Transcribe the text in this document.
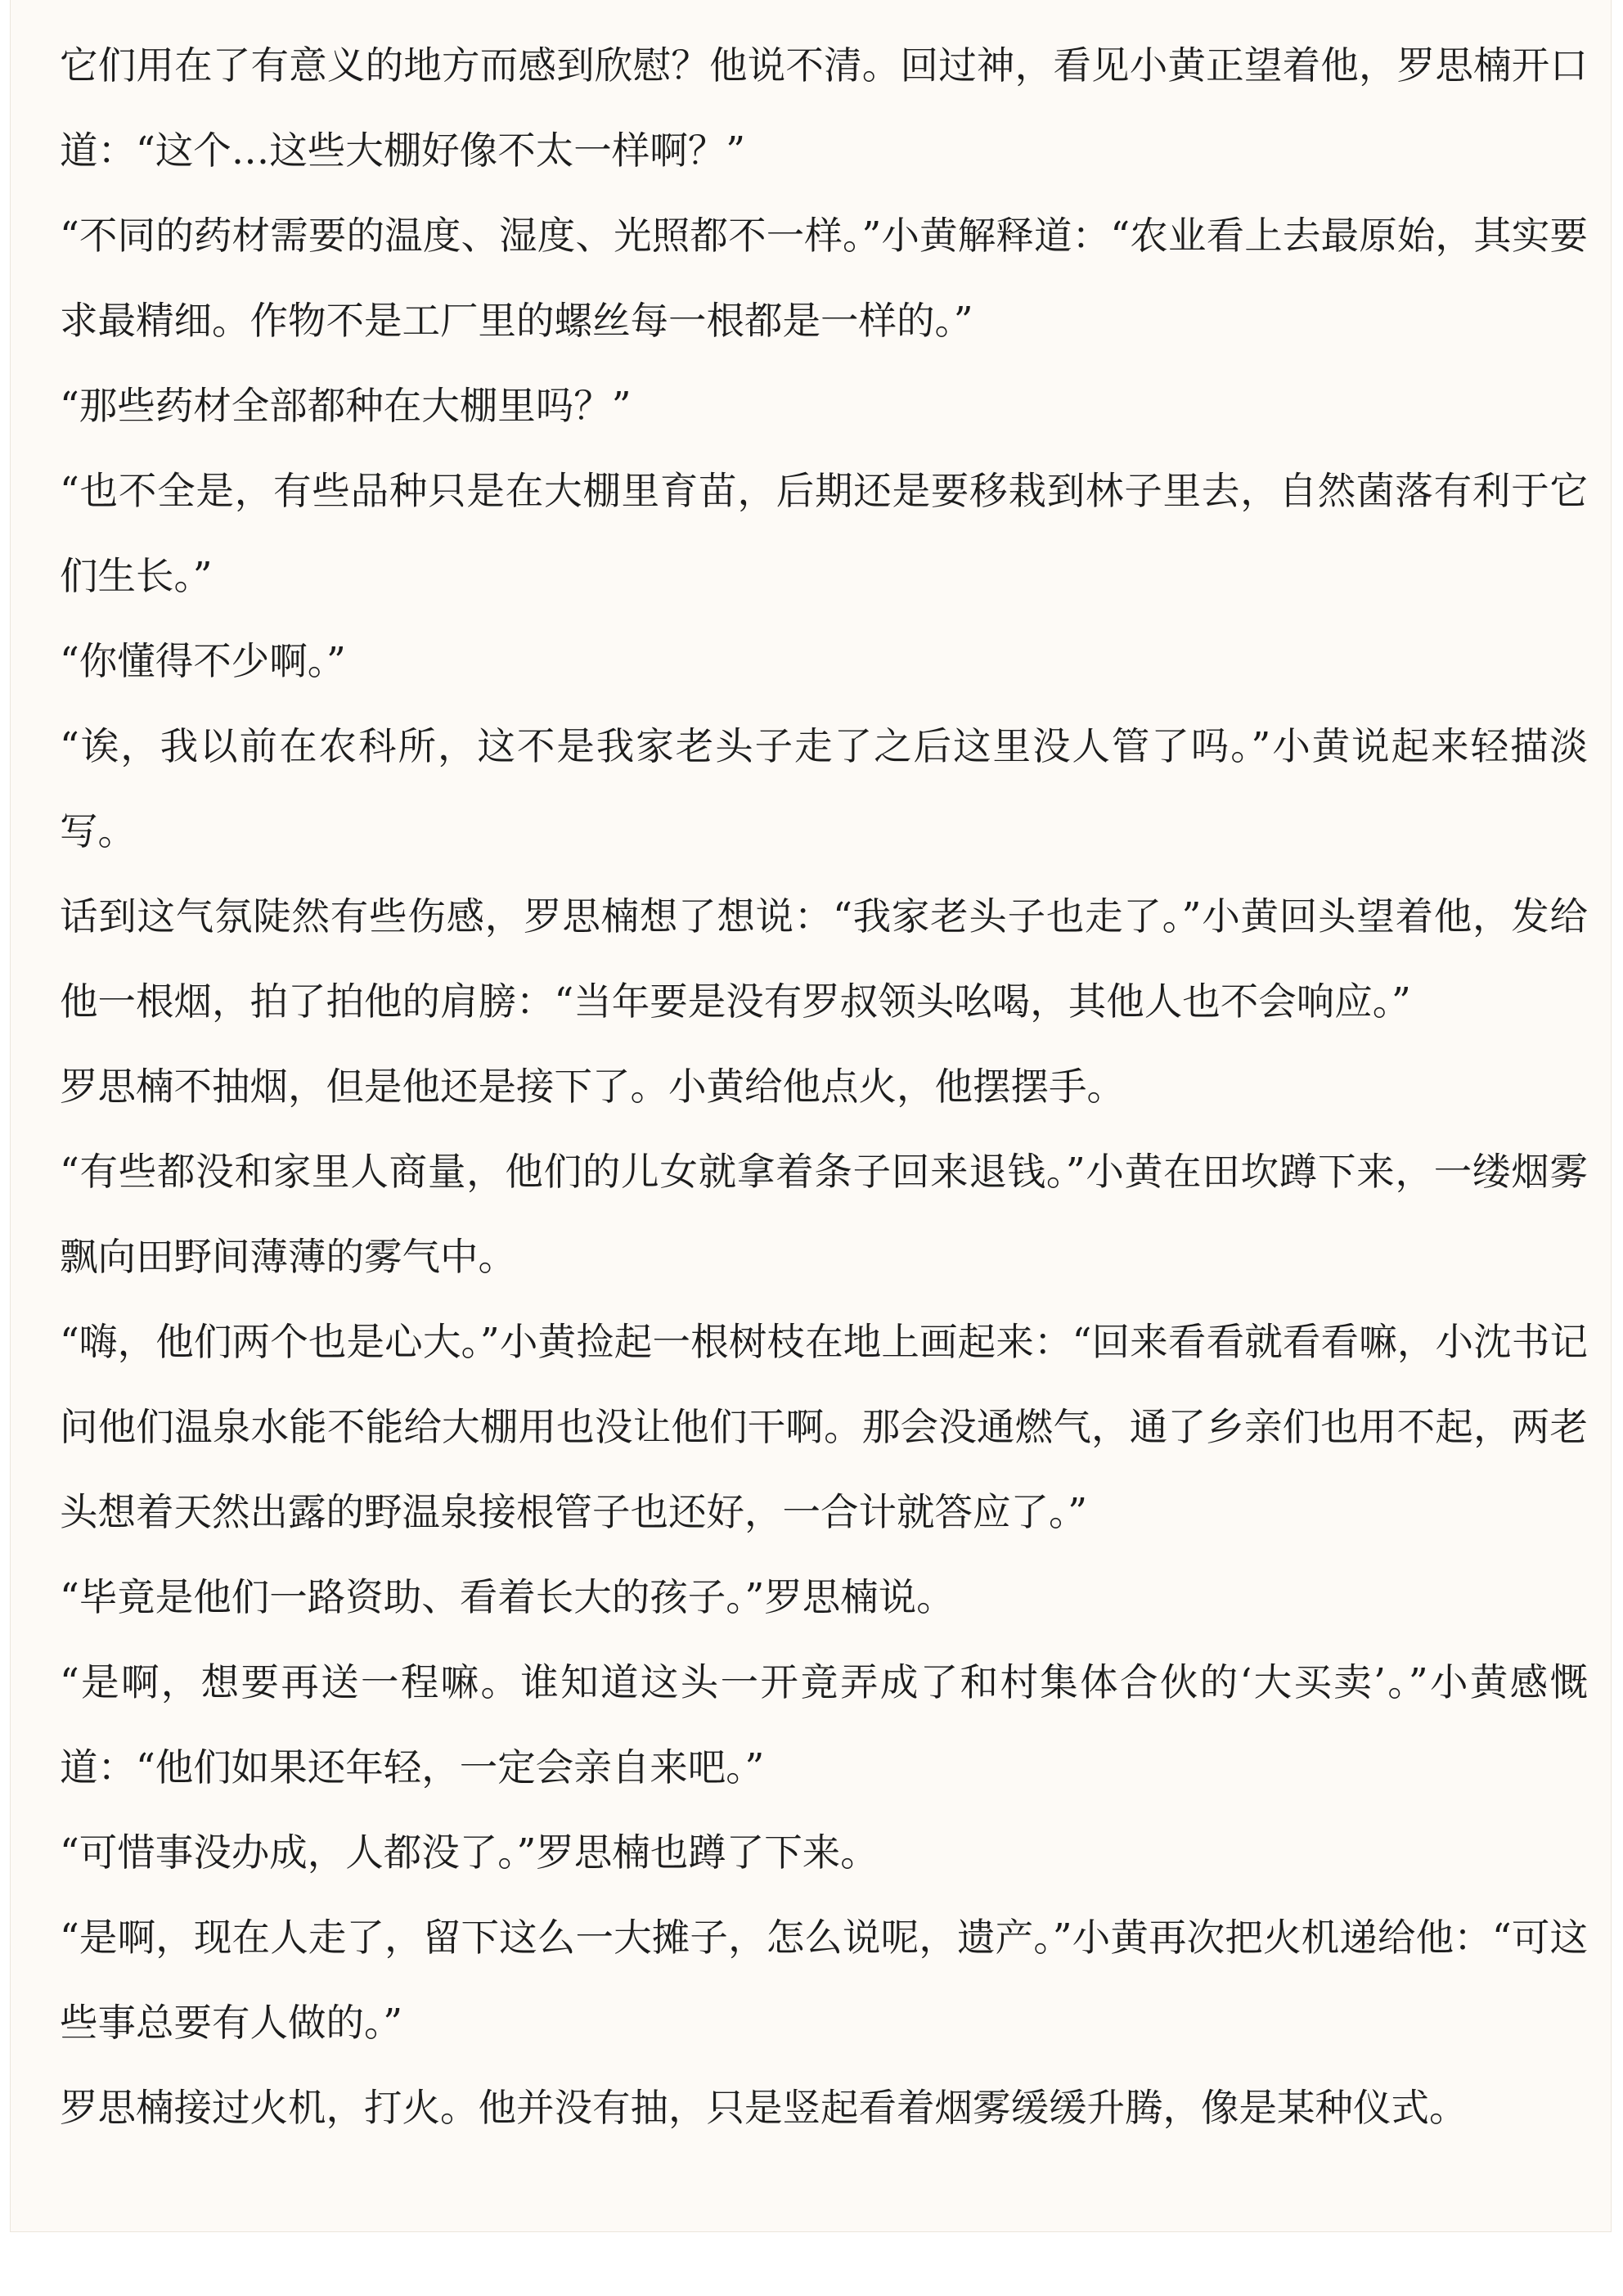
它们用在了有意义的地方而感到欣慰？他说不清。回过神，看见小黄正望着他，罗思楠开口道：“这个…这些大棚好像不太一样啊？”

“不同的药材需要的温度、湿度、光照都不一样。”小黄解释道：“农业看上去最原始，其实要求最精细。作物不是工厂里的螺丝每一根都是一样的。”

“那些药材全部都种在大棚里吗？”

“也不全是，有些品种只是在大棚里育苗，后期还是要移栽到林子里去，自然菌落有利于它们生长。”

“你懂得不少啊。”

“诶，我以前在农科所，这不是我家老头子走了之后这里没人管了吗。”小黄说起来轻描淡写。

话到这气氛陡然有些伤感，罗思楠想了想说：“我家老头子也走了。”小黄回头望着他，发给他一根烟，拍了拍他的肩膀：“当年要是没有罗叔领头吆喝，其他人也不会响应。”

罗思楠不抽烟，但是他还是接下了。小黄给他点火，他摆摆手。

“有些都没和家里人商量，他们的儿女就拿着条子回来退钱。”小黄在田坎蹲下来，一缕烟雾飘向田野间薄薄的雾气中。

“嗨，他们两个也是心大。”小黄捡起一根树枝在地上画起来：“回来看看就看看嘛，小沈书记问他们温泉水能不能给大棚用也没让他们干啊。那会没通燃气，通了乡亲们也用不起，两老头想着天然出露的野温泉接根管子也还好，一合计就答应了。”

“毕竟是他们一路资助、看着长大的孩子。”罗思楠说。

“是啊，想要再送一程嘛。谁知道这头一开竟弄成了和村集体合伙的‘大买卖’。”小黄感慨道：“他们如果还年轻，一定会亲自来吧。”

“可惜事没办成，人都没了。”罗思楠也蹲了下来。

“是啊，现在人走了，留下这么一大摊子，怎么说呢，遗产。”小黄再次把火机递给他：“可这些事总要有人做的。”

罗思楠接过火机，打火。他并没有抽，只是竖起看着烟雾缓缓升腾，像是某种仪式。
